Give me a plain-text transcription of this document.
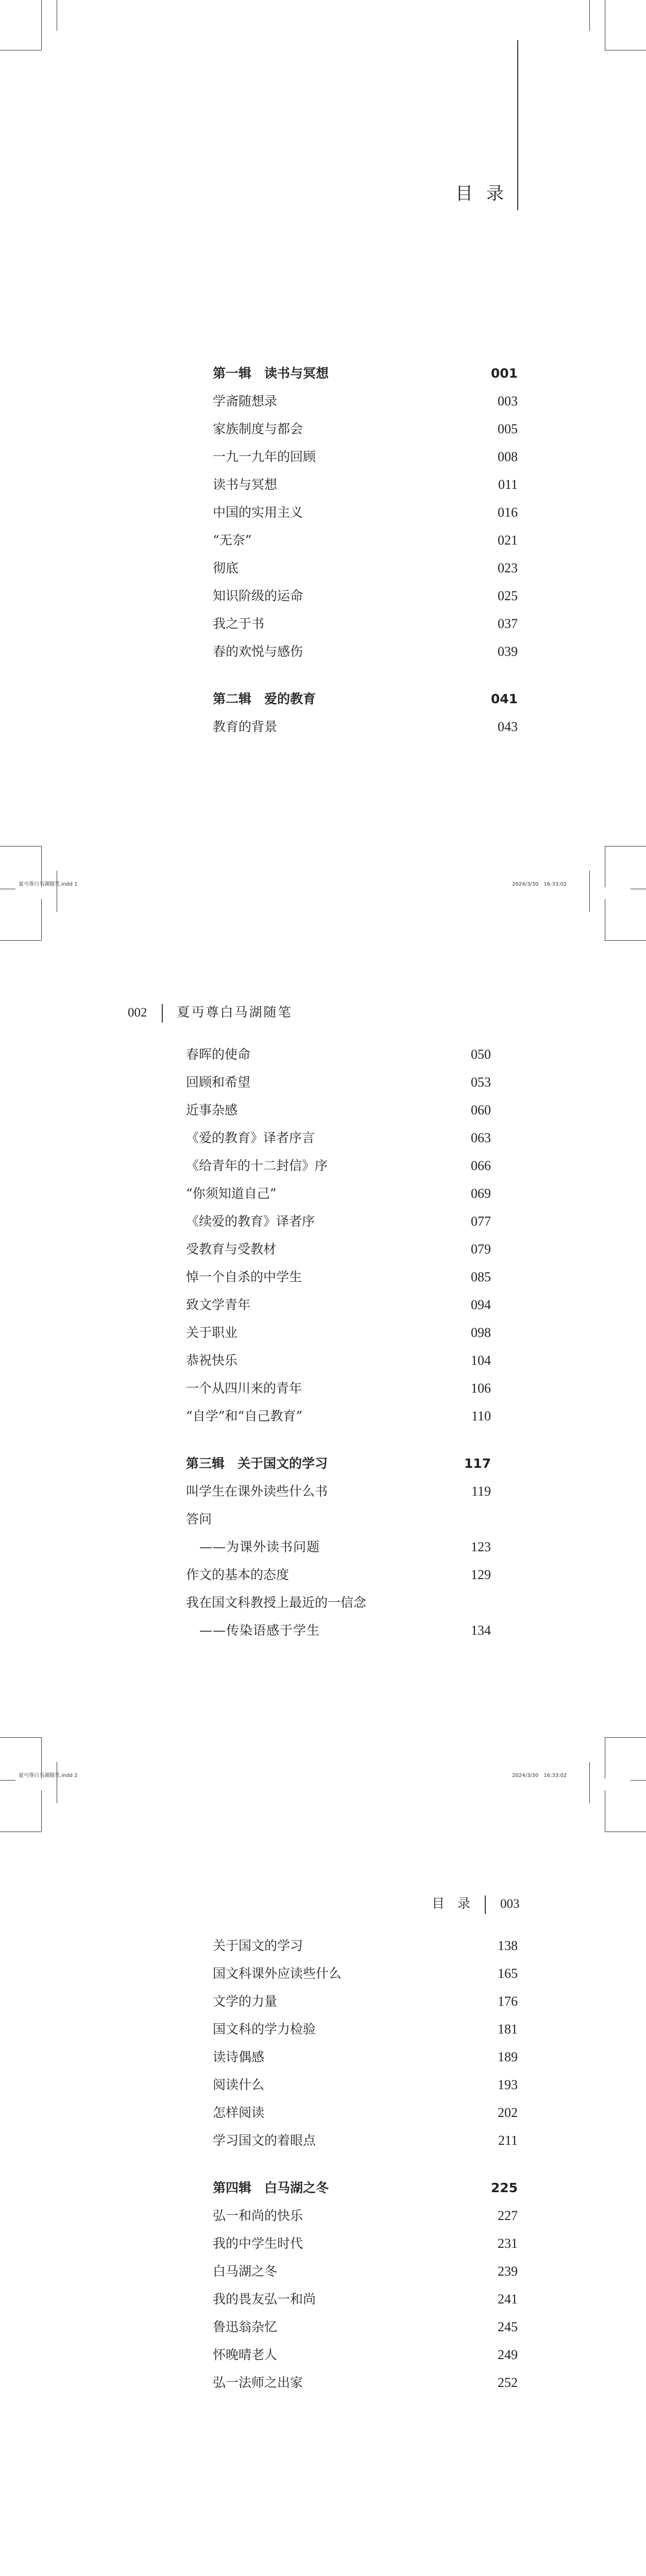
目录
第一辑　读书与冥想	001
学斋随想录	003
家族制度与都会	005
一九一九年的回顾	008
读书与冥想	011
中国的实用主义	016
“无奈”	021
彻底	023
知识阶级的运命	025
我之于书	037
春的欢悦与感伤	039
第二辑　爱的教育	041
教育的背景	043
夏丏尊白马湖随笔.indd 1	2024/3/30　16:33:02
002 夏丏尊白马湖随笔
春晖的使命	050
回顾和希望	053
近事杂感	060
《爱的教育》译者序言	063
《给青年的十二封信》序	066
“你须知道自己”	069
《续爱的教育》译者序	077
受教育与受教材	079
悼一个自杀的中学生	085
致文学青年	094
关于职业	098
恭祝快乐	104
一个从四川来的青年	106
“自学”和“自己教育”	110
第三辑　关于国文的学习	117
叫学生在课外读些什么书	119
答问
——为课外读书问题	123
作文的基本的态度	129
我在国文科教授上最近的一信念
——传染语感于学生	134
夏丏尊白马湖随笔.indd 2	2024/3/30　16:33:02
目　录 003
关于国文的学习	138
国文科课外应读些什么	165
文学的力量	176
国文科的学力检验	181
读诗偶感	189
阅读什么	193
怎样阅读	202
学习国文的着眼点	211
第四辑　白马湖之冬	225
弘一和尚的快乐	227
我的中学生时代	231
白马湖之冬	239
我的畏友弘一和尚	241
鲁迅翁杂忆	245
怀晚晴老人	249
弘一法师之出家	252
